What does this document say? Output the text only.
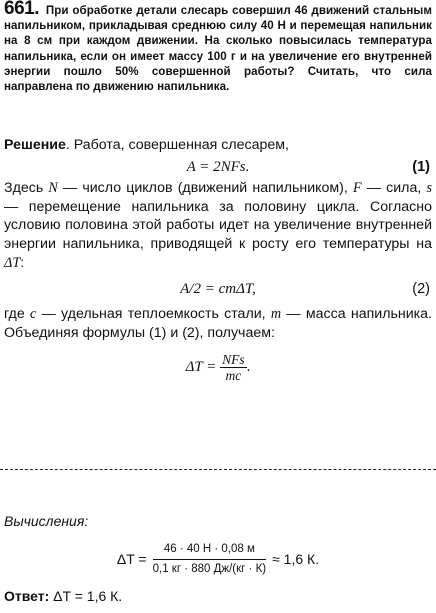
661. При обработке детали слесарь совершил 46 движений стальным напильником, прикладывая среднюю силу 40 Н и перемещая напильник на 8 см при каждом движении. На сколько повысилась температура напильника, если он имеет массу 100 г и на увеличение его внутренней энергии пошло 50% совершенной работы? Считать, что сила направлена по движению напильника.

Решение. Работа, совершенная слесарем,

A = 2NFs.	(1)

Здесь N — число циклов (движений напильником), F — сила, s — перемещение напильника за половину цикла. Согласно условию половина этой работы идет на увеличение внутренней энергии напильника, приводящей к росту его температуры на ΔT:

A/2 = cmΔT,	(2)

где c — удельная теплоемкость стали, m — масса напильника. Объединяя формулы (1) и (2), получаем:

$\Delta T = \frac{\text{NFs}}{mc}$ .
Вычисления:
$\Delta T = \frac{46 \cdot 40 Н \cdot 0,08 м}{0,1 кг \cdot 880 Дж/(кг \cdot К)} \approx 1,6$ К.
Ответ: ΔT = 1,6 К.
